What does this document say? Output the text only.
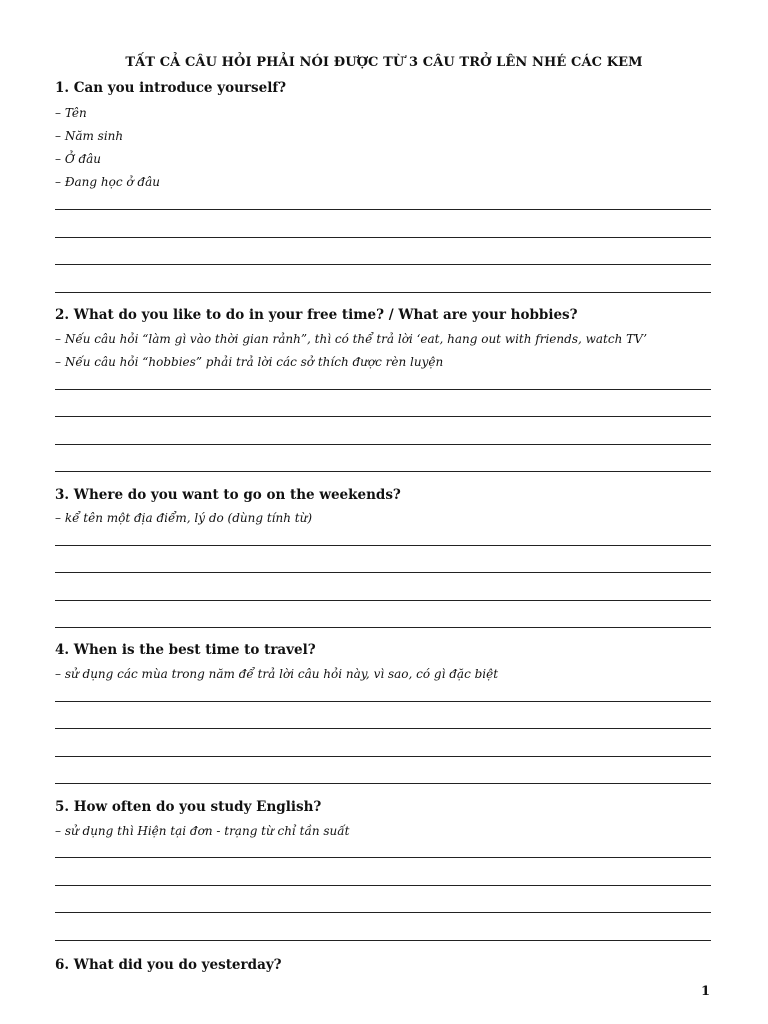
TẤT CẢ CÂU HỎI PHẢI NÓI ĐƯỢC TỪ 3 CÂU TRỞ LÊN NHÉ CÁC KEM
1. Can you introduce yourself?
– Tên
– Năm sinh
– Ở đâu
– Đang học ở đâu
2. What do you like to do in your free time? / What are your hobbies?
– Nếu câu hỏi “làm gì vào thời gian rảnh”, thì có thể trả lời ‘eat, hang out with friends, watch TV’
– Nếu câu hỏi “hobbies” phải trả lời các sở thích được rèn luyện
3. Where do you want to go on the weekends?
– kể tên một địa điểm, lý do (dùng tính từ)
4. When is the best time to travel?
– sử dụng các mùa trong năm để trả lời câu hỏi này, vì sao, có gì đặc biệt
5. How often do you study English?
– sử dụng thì Hiện tại đơn - trạng từ chỉ tần suất
6. What did you do yesterday?
1
